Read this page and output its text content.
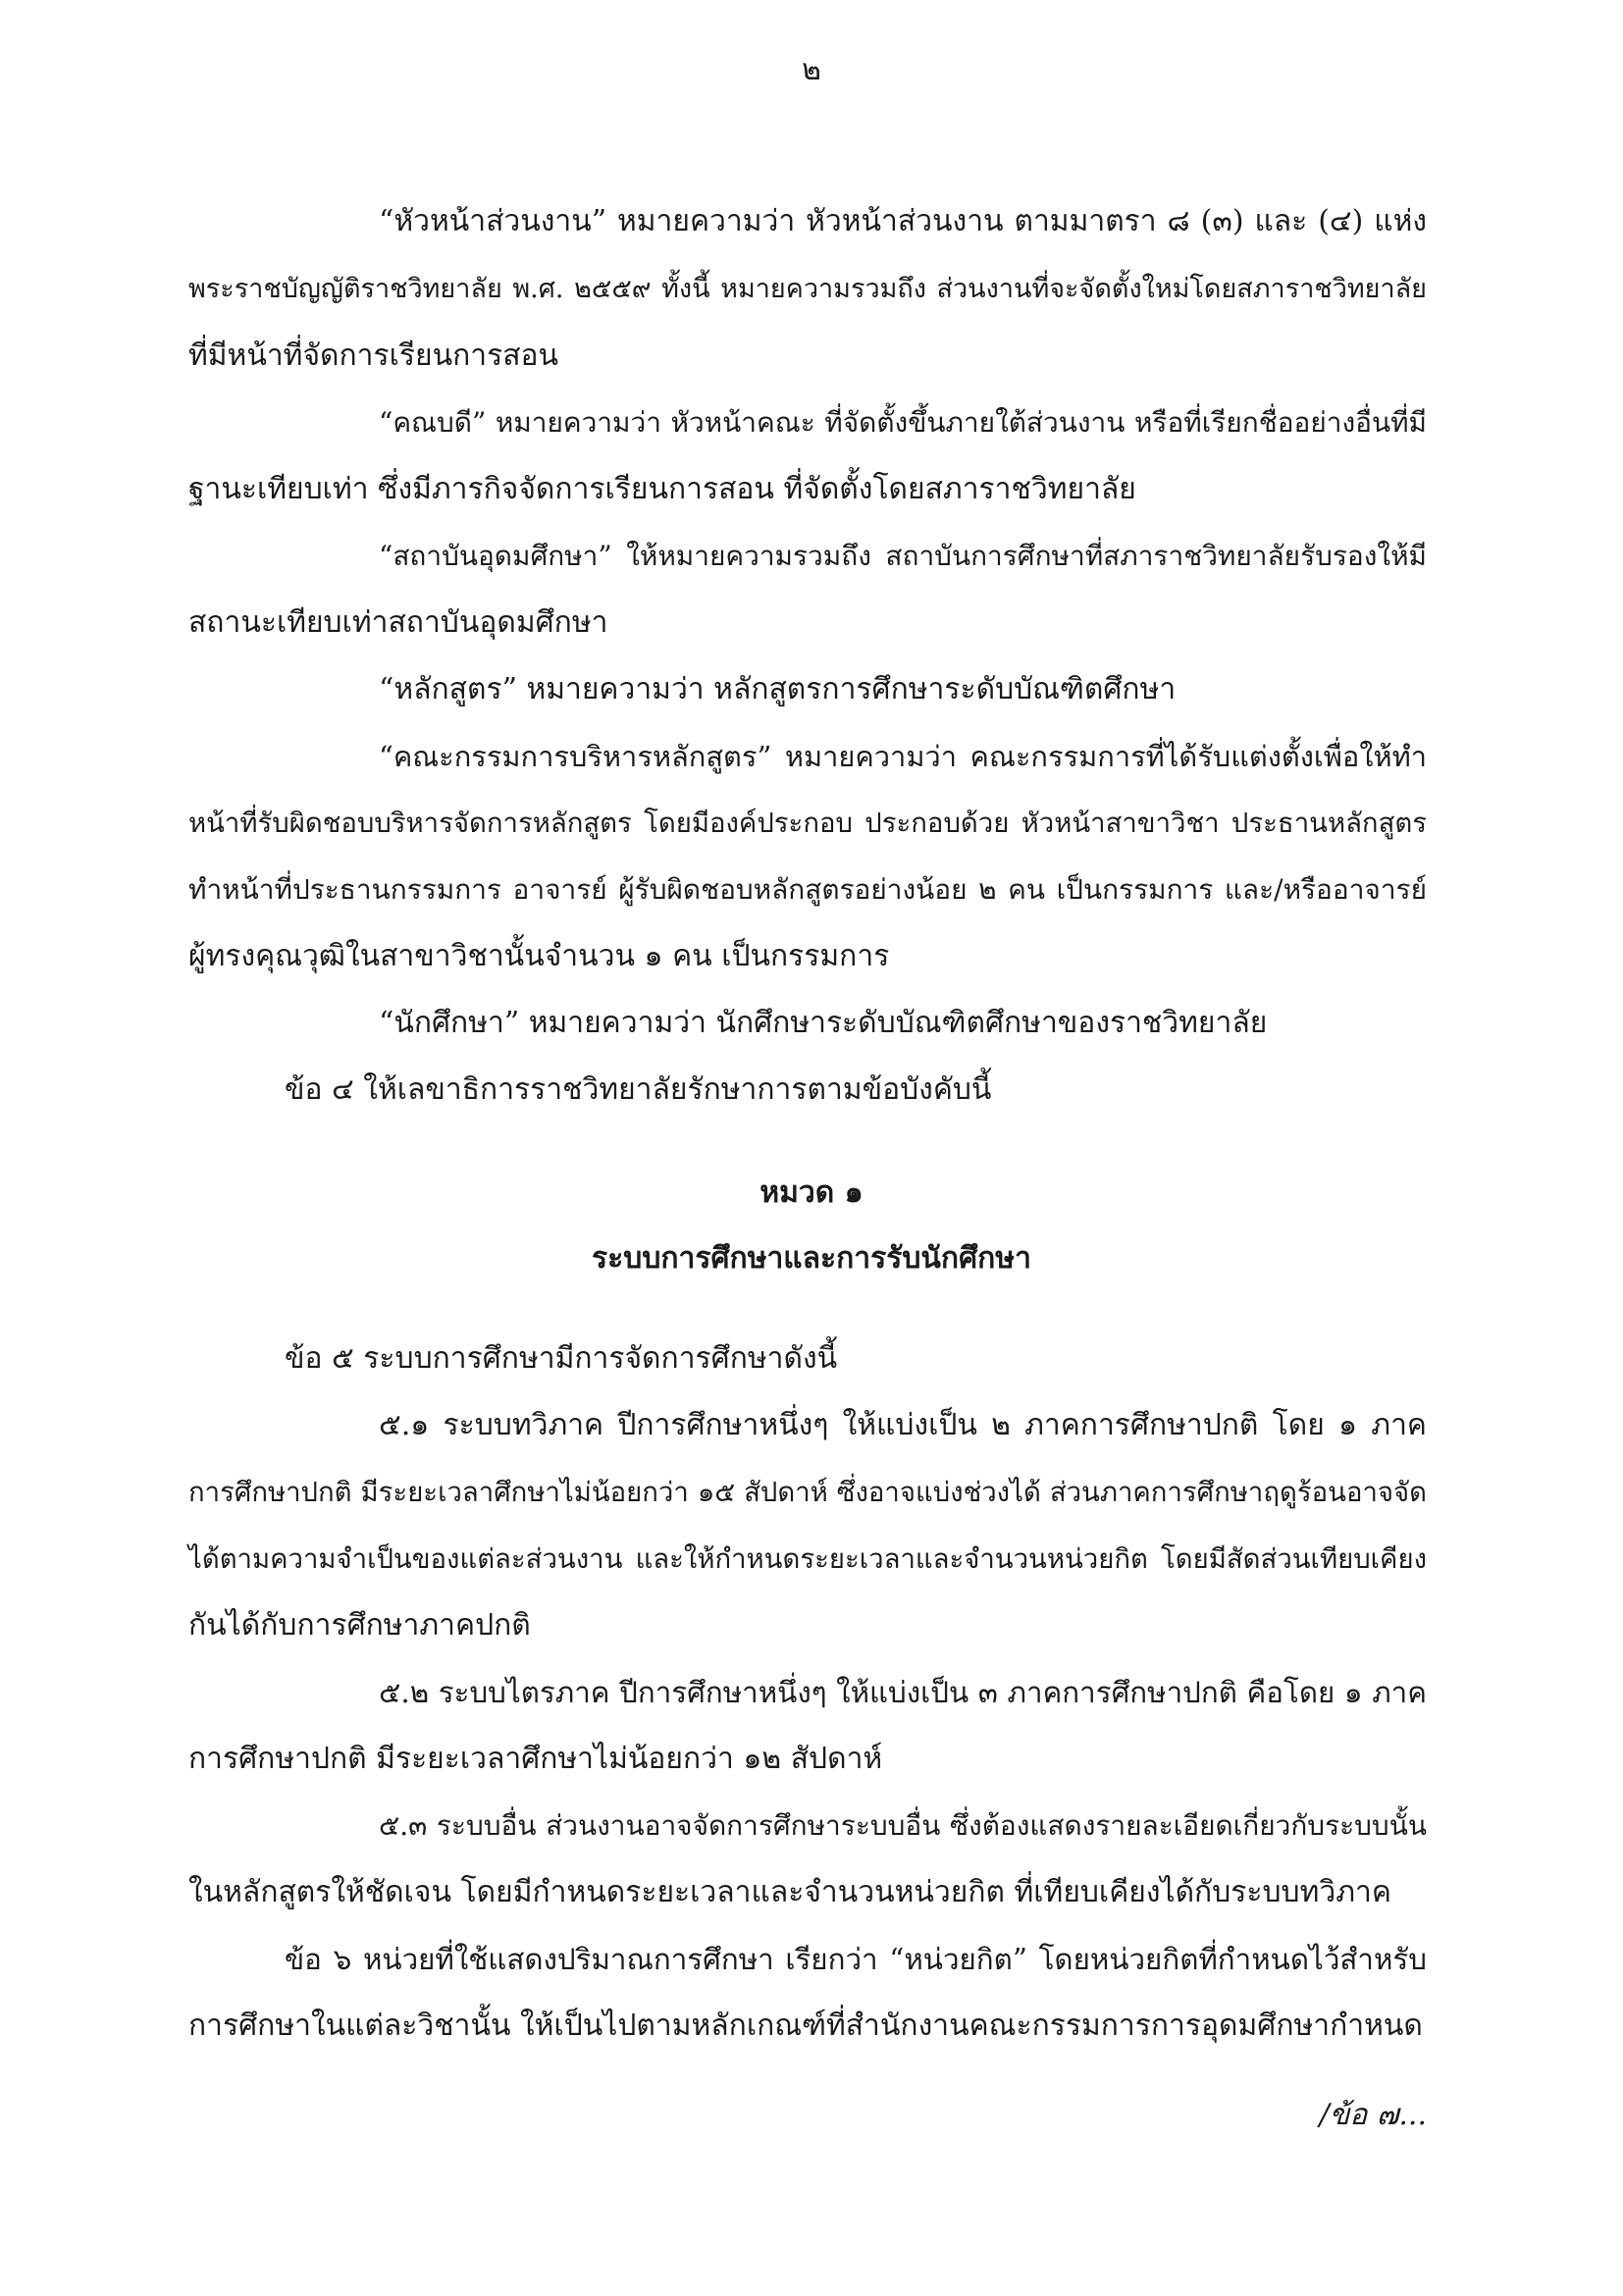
๒
“หัวหน้าส่วนงาน” หมายความว่า หัวหน้าส่วนงาน ตามมาตรา ๘ (๓) และ (๔) แห่ง
พระราชบัญญัติราชวิทยาลัย พ.ศ. ๒๕๕๙ ทั้งนี้ หมายความรวมถึง ส่วนงานที่จะจัดตั้งใหม่โดยสภาราชวิทยาลัย
ที่มีหน้าที่จัดการเรียนการสอน
“คณบดี” หมายความว่า หัวหน้าคณะ ที่จัดตั้งขึ้นภายใต้ส่วนงาน หรือที่เรียกชื่ออย่างอื่นที่มี
ฐานะเทียบเท่า ซึ่งมีภารกิจจัดการเรียนการสอน ที่จัดตั้งโดยสภาราชวิทยาลัย
“สถาบันอุดมศึกษา” ให้หมายความรวมถึง สถาบันการศึกษาที่สภาราชวิทยาลัยรับรองให้มี
สถานะเทียบเท่าสถาบันอุดมศึกษา
“หลักสูตร” หมายความว่า หลักสูตรการศึกษาระดับบัณฑิตศึกษา
“คณะกรรมการบริหารหลักสูตร” หมายความว่า คณะกรรมการที่ได้รับแต่งตั้งเพื่อให้ทำ
หน้าที่รับผิดชอบบริหารจัดการหลักสูตร โดยมีองค์ประกอบ ประกอบด้วย หัวหน้าสาขาวิชา ประธานหลักสูตร
ทำหน้าที่ประธานกรรมการ อาจารย์ ผู้รับผิดชอบหลักสูตรอย่างน้อย ๒ คน เป็นกรรมการ และ/หรืออาจารย์
ผู้ทรงคุณวุฒิในสาขาวิชานั้นจำนวน ๑ คน เป็นกรรมการ
“นักศึกษา” หมายความว่า นักศึกษาระดับบัณฑิตศึกษาของราชวิทยาลัย
ข้อ ๔ ให้เลขาธิการราชวิทยาลัยรักษาการตามข้อบังคับนี้
หมวด ๑
ระบบการศึกษาและการรับนักศึกษา
ข้อ ๕ ระบบการศึกษามีการจัดการศึกษาดังนี้
๕.๑ ระบบทวิภาค ปีการศึกษาหนึ่งๆ ให้แบ่งเป็น ๒ ภาคการศึกษาปกติ โดย ๑ ภาค
การศึกษาปกติ มีระยะเวลาศึกษาไม่น้อยกว่า ๑๕ สัปดาห์ ซึ่งอาจแบ่งช่วงได้ ส่วนภาคการศึกษาฤดูร้อนอาจจัด
ได้ตามความจำเป็นของแต่ละส่วนงาน และให้กำหนดระยะเวลาและจำนวนหน่วยกิต โดยมีสัดส่วนเทียบเคียง
กันได้กับการศึกษาภาคปกติ
๕.๒ ระบบไตรภาค ปีการศึกษาหนึ่งๆ ให้แบ่งเป็น ๓ ภาคการศึกษาปกติ คือโดย ๑ ภาค
การศึกษาปกติ มีระยะเวลาศึกษาไม่น้อยกว่า ๑๒ สัปดาห์
๕.๓ ระบบอื่น ส่วนงานอาจจัดการศึกษาระบบอื่น ซึ่งต้องแสดงรายละเอียดเกี่ยวกับระบบนั้น
ในหลักสูตรให้ชัดเจน โดยมีกำหนดระยะเวลาและจำนวนหน่วยกิต ที่เทียบเคียงได้กับระบบทวิภาค
ข้อ ๖ หน่วยที่ใช้แสดงปริมาณการศึกษา เรียกว่า “หน่วยกิต” โดยหน่วยกิตที่กำหนดไว้สำหรับ
การศึกษาในแต่ละวิชานั้น ให้เป็นไปตามหลักเกณฑ์ที่สำนักงานคณะกรรมการการอุดมศึกษากำหนด
/ข้อ ๗...
